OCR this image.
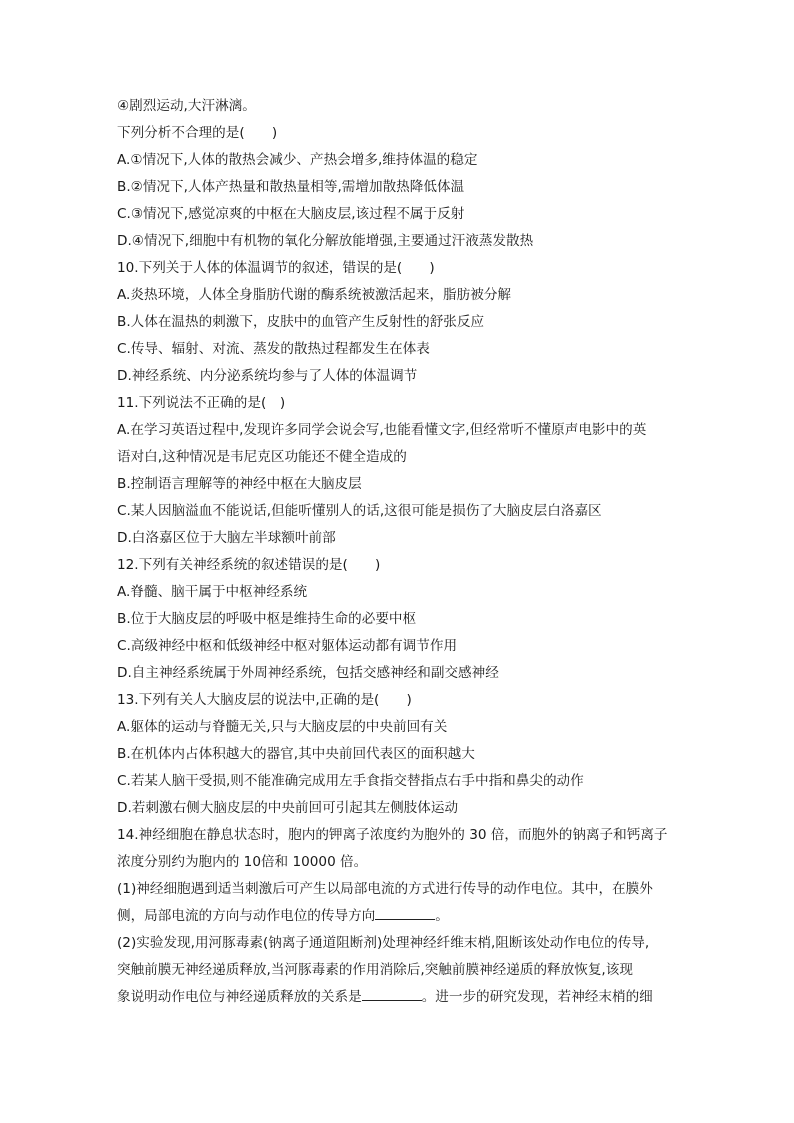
④剧烈运动,大汗淋漓。
下列分析不合理的是(　　)
A.①情况下,人体的散热会减少、产热会增多,维持体温的稳定
B.②情况下,人体产热量和散热量相等,需增加散热降低体温
C.③情况下,感觉凉爽的中枢在大脑皮层,该过程不属于反射
D.④情况下,细胞中有机物的氧化分解放能增强,主要通过汗液蒸发散热
10.下列关于人体的体温调节的叙述，错误的是(　　)
A.炎热环境，人体全身脂肪代谢的酶系统被激活起来，脂肪被分解
B.人体在温热的刺激下，皮肤中的血管产生反射性的舒张反应
C.传导、辐射、对流、蒸发的散热过程都发生在体表
D.神经系统、内分泌系统均参与了人体的体温调节
11.下列说法不正确的是(　)
A.在学习英语过程中,发现许多同学会说会写,也能看懂文字,但经常听不懂原声电影中的英
语对白,这种情况是韦尼克区功能还不健全造成的
B.控制语言理解等的神经中枢在大脑皮层
C.某人因脑溢血不能说话,但能听懂别人的话,这很可能是损伤了大脑皮层白洛嘉区
D.白洛嘉区位于大脑左半球额叶前部
12.下列有关神经系统的叙述错误的是(　　)
A.脊髓、脑干属于中枢神经系统
B.位于大脑皮层的呼吸中枢是维持生命的必要中枢
C.高级神经中枢和低级神经中枢对躯体运动都有调节作用
D.自主神经系统属于外周神经系统，包括交感神经和副交感神经
13.下列有关人大脑皮层的说法中,正确的是(　　)
A.躯体的运动与脊髓无关,只与大脑皮层的中央前回有关
B.在机体内占体积越大的器官,其中央前回代表区的面积越大
C.若某人脑干受损,则不能准确完成用左手食指交替指点右手中指和鼻尖的动作
D.若刺激右侧大脑皮层的中央前回可引起其左侧肢体运动
14.神经细胞在静息状态时，胞内的钾离子浓度约为胞外的 30 倍，而胞外的钠离子和钙离子
浓度分别约为胞内的 10倍和 10000 倍。
(1)神经细胞遇到适当刺激后可产生以局部电流的方式进行传导的动作电位。其中，在膜外
侧，局部电流的方向与动作电位的传导方向	。
(2)实验发现,用河豚毒素(钠离子通道阻断剂)处理神经纤维末梢,阻断该处动作电位的传导,
突触前膜无神经递质释放,当河豚毒素的作用消除后,突触前膜神经递质的释放恢复,该现
象说明动作电位与神经递质释放的关系是	。进一步的研究发现，若神经末梢的细
